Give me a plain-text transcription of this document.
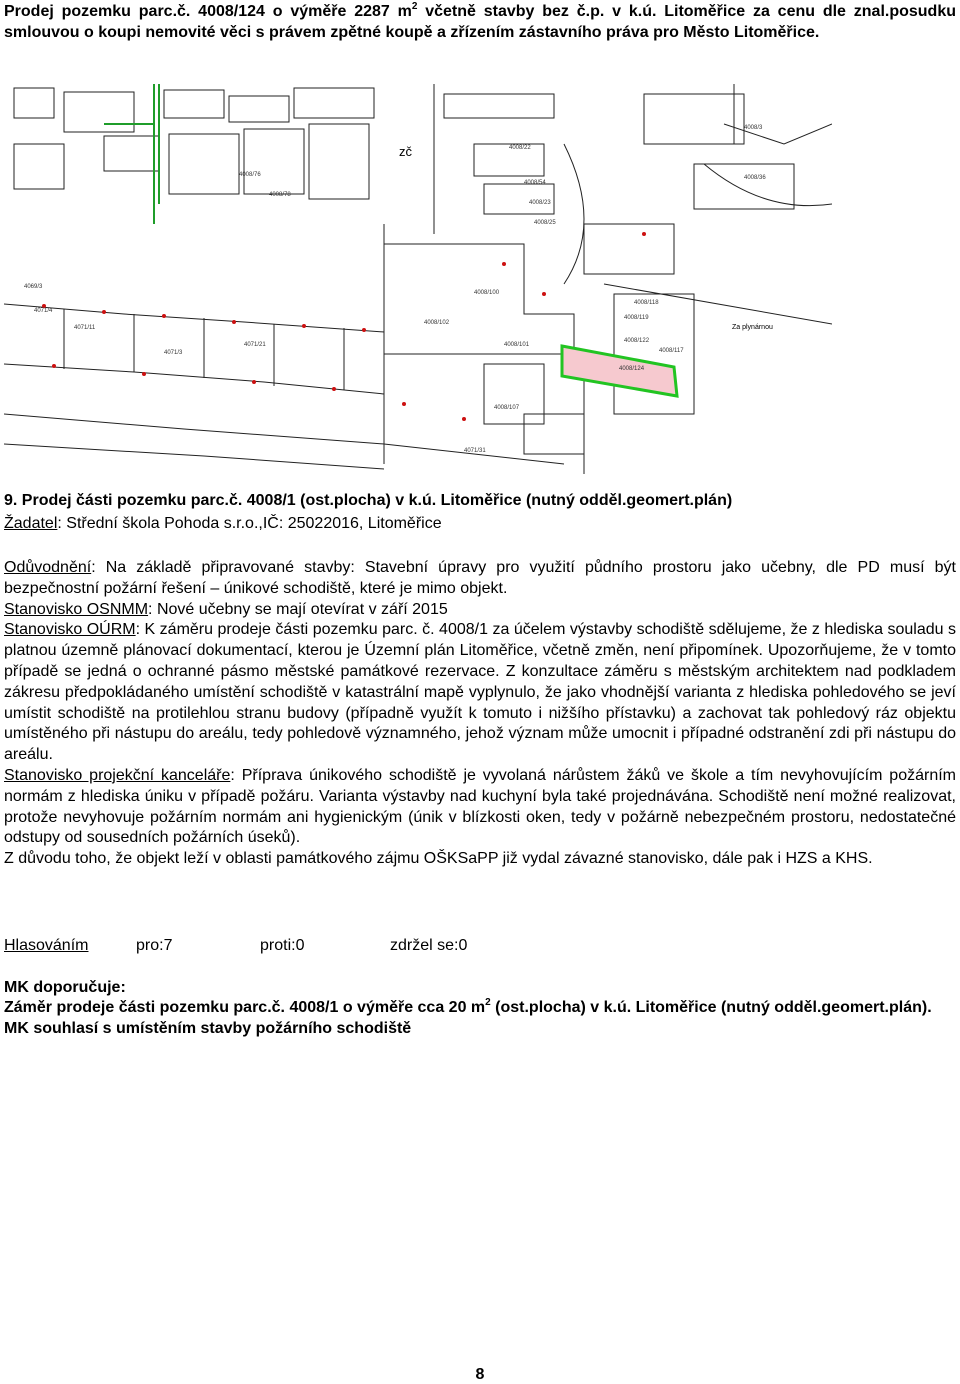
Prodej pozemku parc.č. 4008/124 o výměře 2287 $m^2$ včetně stavby bez č.p. v k.ú. Litoměřice za cenu dle znal.posudku smlouvou o koupi nemovité věci s právem zpětné koupě a zřízením zástavního práva pro Město Litoměřice.

4008/124
4008/122
4008/119
4008/117
4008/118
4008/102
4008/100
4008/101
4008/107
4069/3
4071/4
4071/11
4071/3
4008/54
4008/22
4008/23
4008/25
4008/36
4008/3
zč
Za plynárnou
4008/76
4008/78
4071/31
4071/21

9. Prodej části pozemku parc.č. 4008/1 (ost.plocha) v k.ú. Litoměřice (nutný odděl.geomert.plán)

Žadatel: Střední škola Pohoda s.r.o.,IČ: 25022016, Litoměřice

Odůvodnění: Na základě připravované stavby: Stavební úpravy pro využití půdního prostoru jako učebny, dle PD musí být bezpečnostní požární řešení – únikové schodiště, které je mimo objekt.

Stanovisko OSNMM: Nové učebny se mají otevírat v září 2015

Stanovisko OÚRM: K záměru prodeje části pozemku parc. č. 4008/1 za účelem výstavby schodiště sdělujeme, že z hlediska souladu s platnou územně plánovací dokumentací, kterou je Územní plán Litoměřice, včetně změn, není připomínek. Upozorňujeme, že v tomto případě se jedná o ochranné pásmo městské památkové rezervace. Z konzultace záměru s městským architektem nad podkladem zákresu předpokládaného umístění schodiště v katastrální mapě vyplynulo, že jako vhodnější varianta z hlediska pohledového se jeví umístit schodiště na protilehlou stranu budovy (případně využít k tomuto i nižšího přístavku) a zachovat tak pohledový ráz objektu umístěného při nástupu do areálu, tedy pohledově významného, jehož význam může umocnit i případné odstranění zdi při nástupu do areálu.

Stanovisko projekční kanceláře: Příprava únikového schodiště je vyvolaná nárůstem žáků ve škole a tím nevyhovujícím požárním normám z hlediska úniku v případě požáru. Varianta výstavby nad kuchyní byla také projednávána. Schodiště není možné realizovat, protože nevyhovuje požárním normám ani hygienickým (únik v blízkosti oken, tedy v požárně nebezpečném prostoru, nedostatečné odstupy od sousedních požárních úseků).

Z důvodu toho, že objekt leží v oblasti památkového zájmu OŠKSaPP již vydal závazné stanovisko, dále pak i HZS a KHS.

Hlasováním	pro:7	proti:0	zdržel se:0

MK doporučuje:

Záměr prodeje části pozemku parc.č. 4008/1 o výměře cca 20 $m^2$ (ost.plocha) v k.ú. Litoměřice (nutný odděl.geomert.plán).

MK souhlasí s umístěním stavby požárního schodiště

8
